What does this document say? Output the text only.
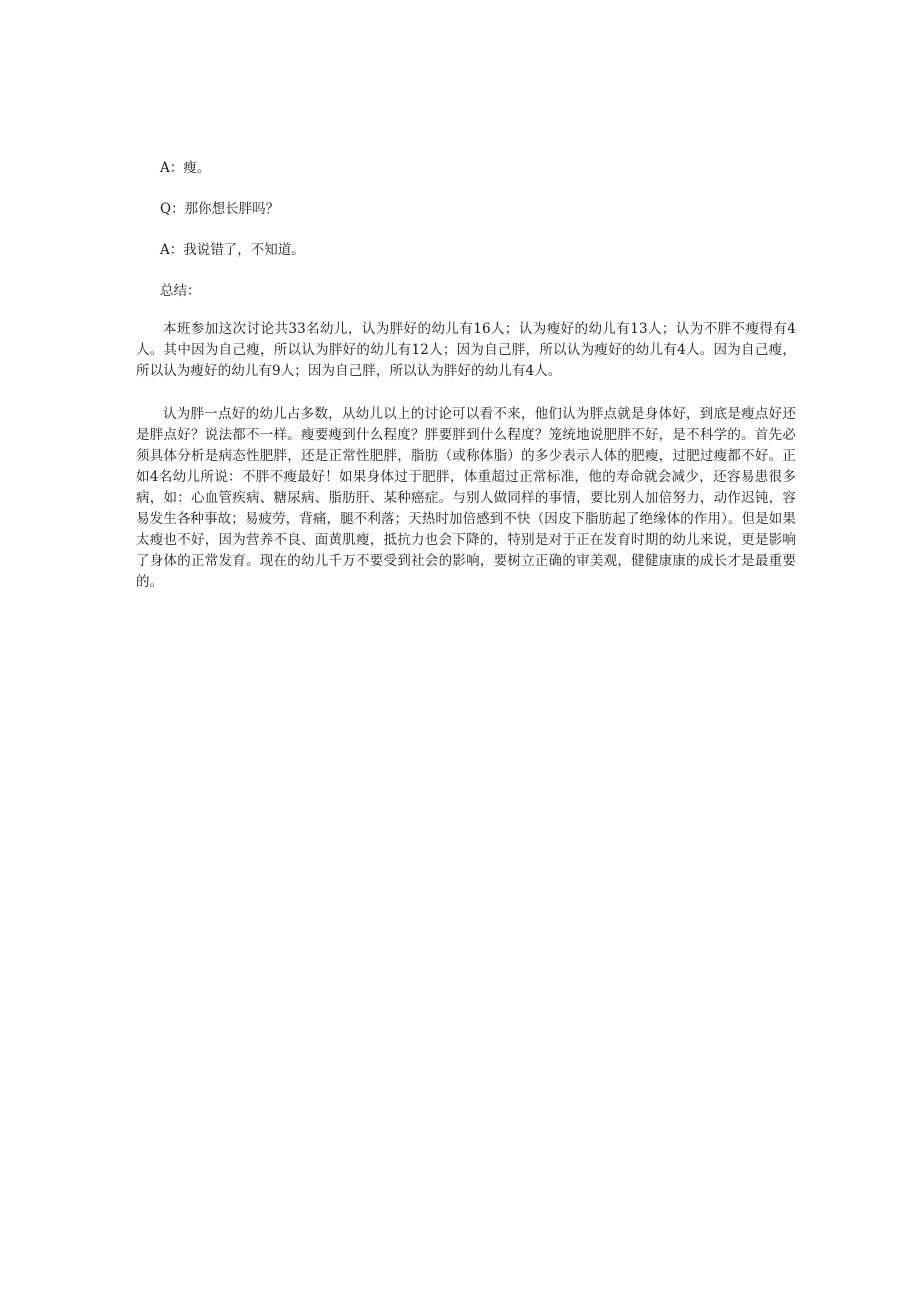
A：瘦。

Q：那你想长胖吗？

A：我说错了，不知道。

总结：

本班参加这次讨论共33名幼儿，认为胖好的幼儿有16人；认为瘦好的幼儿有13人；认为不胖不瘦得有4人。其中因为自己瘦，所以认为胖好的幼儿有12人；因为自己胖，所以认为瘦好的幼儿有4人。因为自己瘦，所以认为瘦好的幼儿有9人；因为自己胖，所以认为胖好的幼儿有4人。

认为胖一点好的幼儿占多数，从幼儿以上的讨论可以看不来，他们认为胖点就是身体好，到底是瘦点好还是胖点好？说法都不一样。瘦要瘦到什么程度？胖要胖到什么程度？笼统地说肥胖不好，是不科学的。首先必须具体分析是病态性肥胖，还是正常性肥胖，脂肪（或称体脂）的多少表示人体的肥瘦，过肥过瘦都不好。正如4名幼儿所说：不胖不瘦最好！如果身体过于肥胖，体重超过正常标准，他的寿命就会减少，还容易患很多病，如：心血管疾病、糖尿病、脂肪肝、某种癌症。与别人做同样的事情，要比别人加倍努力，动作迟钝，容易发生各种事故；易疲劳，背痛，腿不利落；天热时加倍感到不快（因皮下脂肪起了绝缘体的作用）。但是如果太瘦也不好，因为营养不良、面黄肌瘦，抵抗力也会下降的，特别是对于正在发育时期的幼儿来说，更是影响了身体的正常发育。现在的幼儿千万不要受到社会的影响，要树立正确的审美观，健健康康的成长才是最重要的。
